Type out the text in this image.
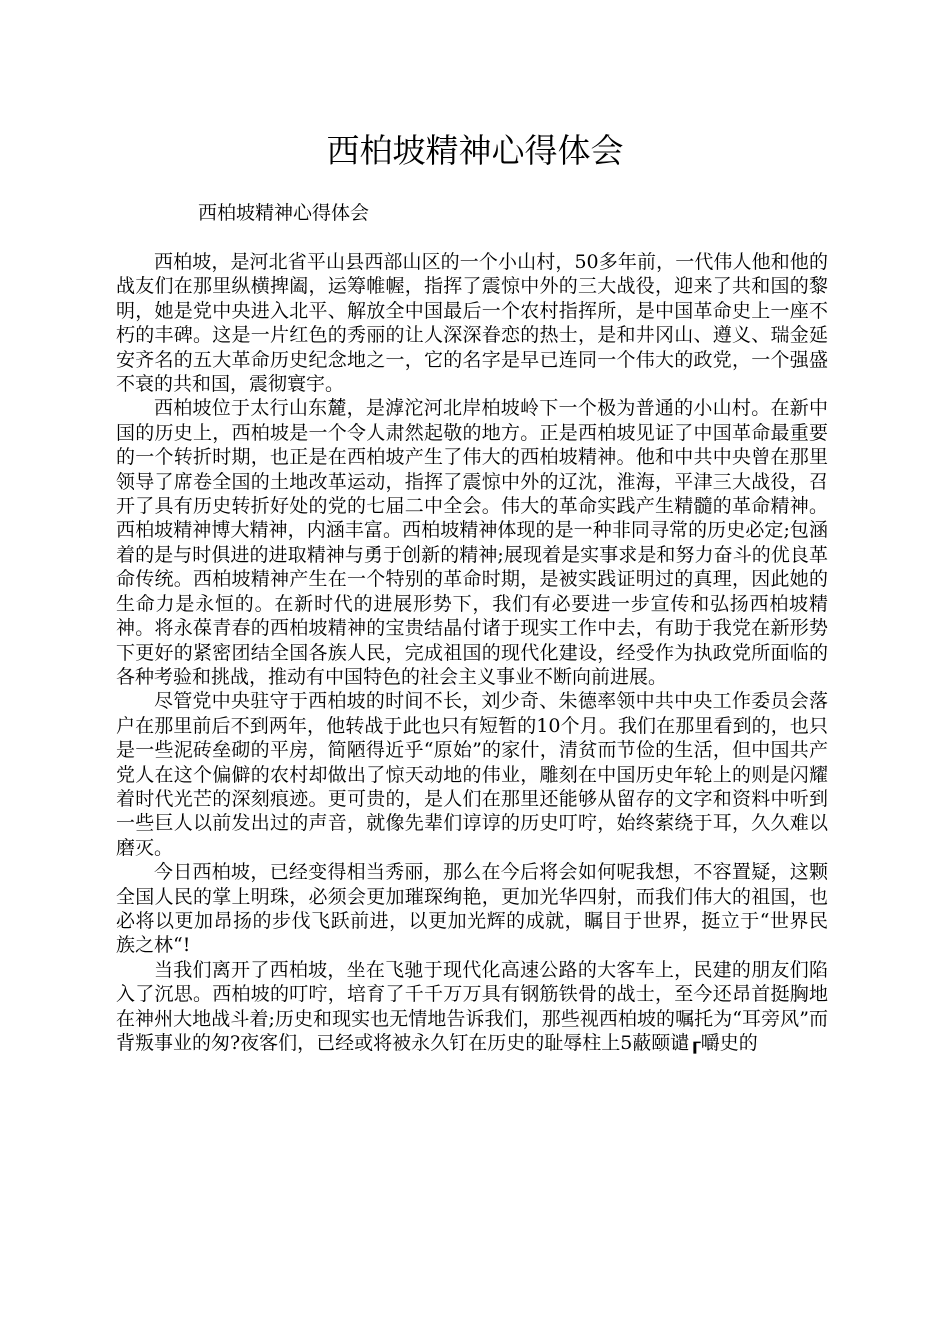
西柏坡精神心得体会

西柏坡精神心得体会

西柏坡，是河北省平山县西部山区的一个小山村，50多年前，一代伟人他和他的战友们在那里纵横捭阖，运筹帷幄，指挥了震惊中外的三大战役，迎来了共和国的黎明，她是党中央进入北平、解放全中国最后一个农村指挥所，是中国革命史上一座不朽的丰碑。这是一片红色的秀丽的让人深深眷恋的热士，是和井冈山、遵义、瑞金延安齐名的五大革命历史纪念地之一，它的名字是早已连同一个伟大的政党，一个强盛不衰的共和国，震彻寰宇。

西柏坡位于太行山东麓，是滹沱河北岸柏坡岭下一个极为普通的小山村。在新中国的历史上，西柏坡是一个令人肃然起敬的地方。正是西柏坡见证了中国革命最重要的一个转折时期，也正是在西柏坡产生了伟大的西柏坡精神。他和中共中央曾在那里领导了席卷全国的土地改革运动，指挥了震惊中外的辽沈，淮海，平津三大战役，召开了具有历史转折好处的党的七届二中全会。伟大的革命实践产生精髓的革命精神。西柏坡精神博大精神，内涵丰富。西柏坡精神体现的是一种非同寻常的历史必定;包涵着的是与时俱进的进取精神与勇于创新的精神;展现着是实事求是和努力奋斗的优良革命传统。西柏坡精神产生在一个特别的革命时期，是被实践证明过的真理，因此她的生命力是永恒的。在新时代的进展形势下，我们有必要进一步宣传和弘扬西柏坡精神。将永葆青春的西柏坡精神的宝贵结晶付诸于现实工作中去，有助于我党在新形势下更好的紧密团结全国各族人民，完成祖国的现代化建设，经受作为执政党所面临的各种考验和挑战，推动有中国特色的社会主义事业不断向前进展。

尽管党中央驻守于西柏坡的时间不长，刘少奇、朱德率领中共中央工作委员会落户在那里前后不到两年，他转战于此也只有短暂的10个月。我们在那里看到的，也只是一些泥砖垒砌的平房，简陋得近乎“原始”的家什，清贫而节俭的生活，但中国共产党人在这个偏僻的农村却做出了惊天动地的伟业，雕刻在中国历史年轮上的则是闪耀着时代光芒的深刻痕迹。更可贵的，是人们在那里还能够从留存的文字和资料中听到一些巨人以前发出过的声音，就像先辈们谆谆的历史叮咛，始终萦绕于耳，久久难以磨灭。

今日西柏坡，已经变得相当秀丽，那么在今后将会如何呢我想，不容置疑，这颗全国人民的掌上明珠，必须会更加璀琛绚艳，更加光华四射，而我们伟大的祖国，也必将以更加昂扬的步伐飞跃前进，以更加光辉的成就，瞩目于世界，挺立于“世界民族之林“!

当我们离开了西柏坡，坐在飞驰于现代化高速公路的大客车上，民建的朋友们陷入了沉思。西柏坡的叮咛，培育了千千万万具有钢筋铁骨的战士，至今还昂首挺胸地在神州大地战斗着;历史和现实也无情地告诉我们，那些视西柏坡的嘱托为“耳旁风”而背叛事业的匆?夜客们，已经或将被永久钉在历史的耻辱柱上5蔽颐谴┎嚼史的
